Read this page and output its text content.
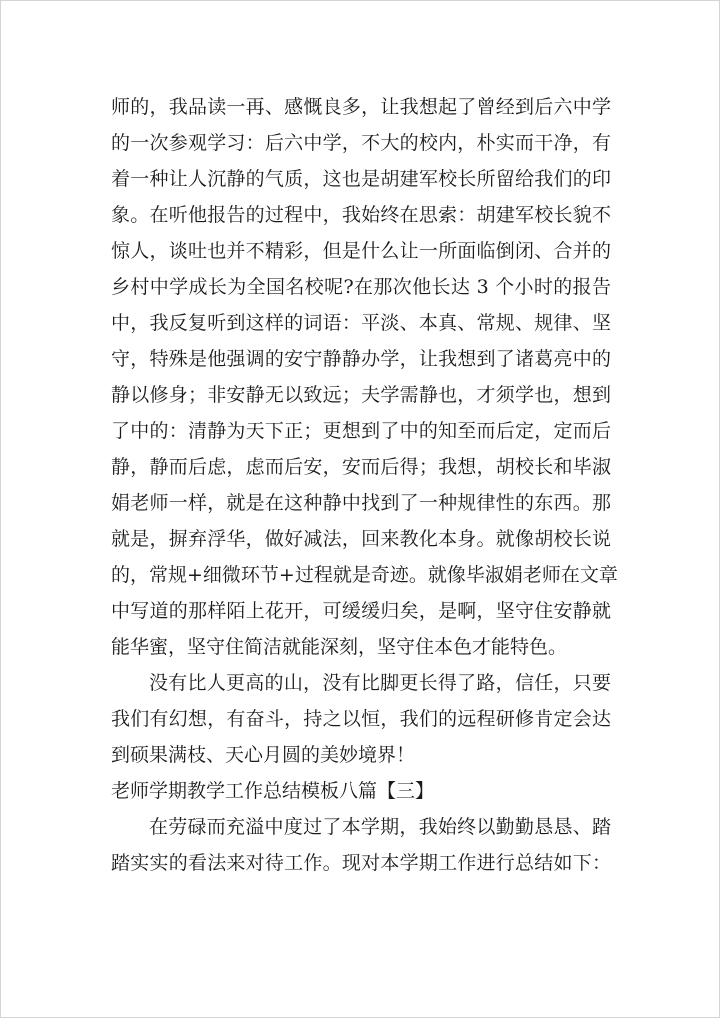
师的，我品读一再、感慨良多，让我想起了曾经到后六中学
的一次参观学习：后六中学，不大的校内，朴实而干净，有
着一种让人沉静的气质，这也是胡建军校长所留给我们的印
象。在听他报告的过程中，我始终在思索：胡建军校长貌不
惊人，谈吐也并不精彩，但是什么让一所面临倒闭、合并的
乡村中学成长为全国名校呢?在那次他长达 3 个小时的报告
中，我反复听到这样的词语：平淡、本真、常规、规律、坚
守，特殊是他强调的安宁静静办学，让我想到了诸葛亮中的
静以修身；非安静无以致远；夫学需静也，才须学也，想到
了中的：清静为天下正；更想到了中的知至而后定，定而后
静，静而后虑，虑而后安，安而后得；我想，胡校长和毕淑
娟老师一样，就是在这种静中找到了一种规律性的东西。那
就是，摒弃浮华，做好减法，回来教化本身。就像胡校长说
的，常规+细微环节+过程就是奇迹。就像毕淑娟老师在文章
中写道的那样陌上花开，可缓缓归矣，是啊，坚守住安静就
能华蜜，坚守住简洁就能深刻，坚守住本色才能特色。
没有比人更高的山，没有比脚更长得了路，信任，只要
我们有幻想，有奋斗，持之以恒，我们的远程研修肯定会达
到硕果满枝、天心月圆的美妙境界！
老师学期教学工作总结模板八篇【三】
在劳碌而充溢中度过了本学期，我始终以勤勤恳恳、踏
踏实实的看法来对待工作。现对本学期工作进行总结如下：
